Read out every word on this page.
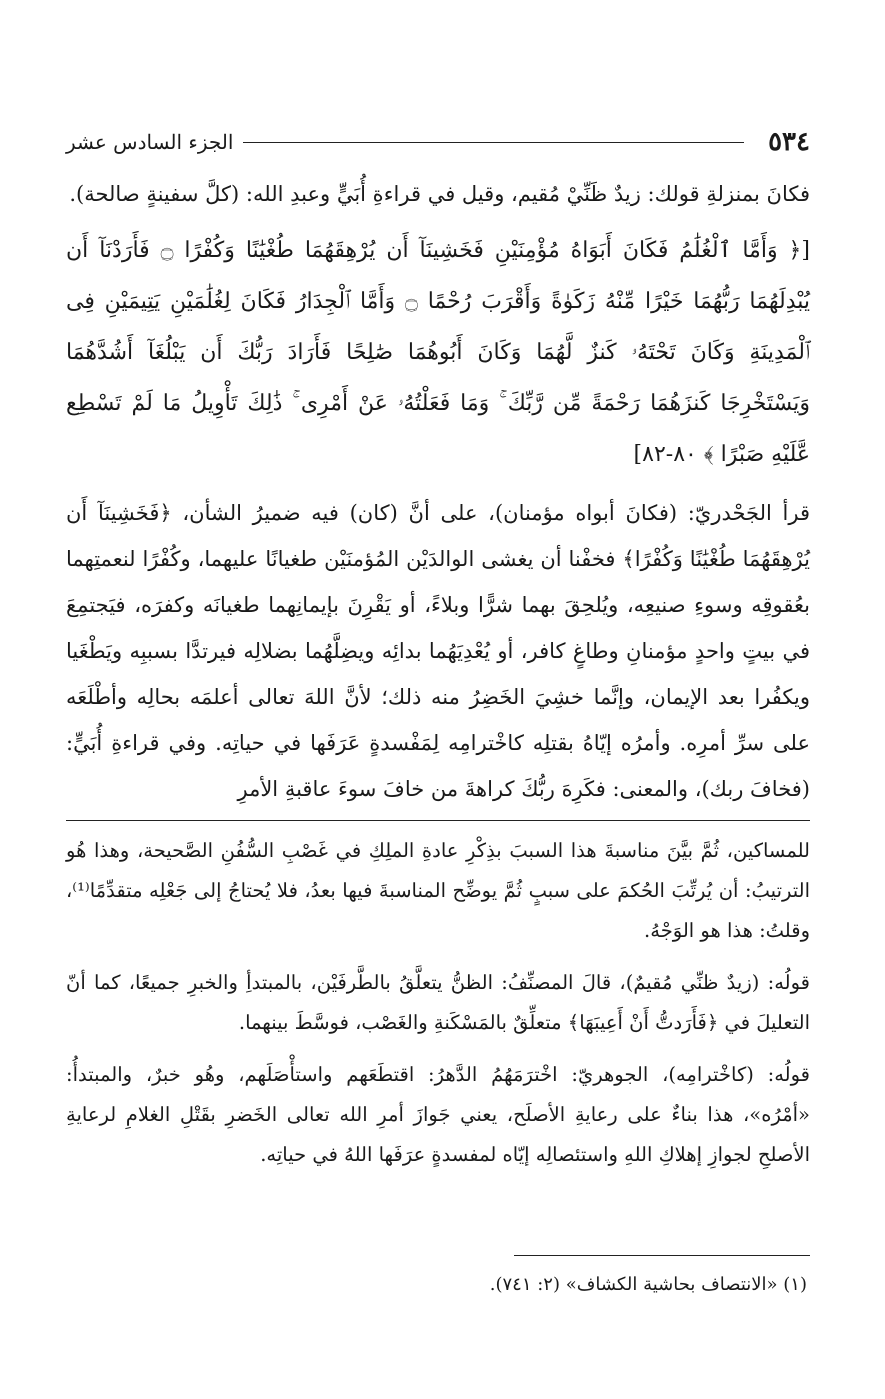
٥٣٤
الجزء السادس عشر

فكانَ بمنزلةِ قولك: زيدٌ ظَنِّيْ مُقيم، وقيل في قراءةِ أُبَيٍّ وعبدِ الله: (كلَّ سفينةٍ صالحة).

[﴿ وَأَمَّا ٱلْغُلَٰمُ فَكَانَ أَبَوَاهُ مُؤْمِنَيْنِ فَخَشِينَآ أَن يُرْهِقَهُمَا طُغْيَٰنًا وَكُفْرًا ۝ فَأَرَدْنَآ أَن يُبْدِلَهُمَا رَبُّهُمَا خَيْرًا مِّنْهُ زَكَوٰةً وَأَقْرَبَ رُحْمًا ۝ وَأَمَّا ٱلْجِدَارُ فَكَانَ لِغُلَٰمَيْنِ يَتِيمَيْنِ فِى ٱلْمَدِينَةِ وَكَانَ تَحْتَهُۥ كَنزٌ لَّهُمَا وَكَانَ أَبُوهُمَا صَٰلِحًا فَأَرَادَ رَبُّكَ أَن يَبْلُغَآ أَشُدَّهُمَا وَيَسْتَخْرِجَا كَنزَهُمَا رَحْمَةً مِّن رَّبِّكَ ۚ وَمَا فَعَلْتُهُۥ عَنْ أَمْرِى ۚ ذَٰلِكَ تَأْوِيلُ مَا لَمْ تَسْطِع عَّلَيْهِ صَبْرًا ﴾ ٨٠-٨٢]

قرأ الجَحْدريّ: (فكانَ أبواه مؤمنان)، على أنَّ (كان) فيه ضميرُ الشأن، ﴿فَخَشِينَآ أَن يُرْهِقَهُمَا طُغْيَٰنًا وَكُفْرًا﴾ فخفْنا أن يغشى الوالدَيْن المُؤمنَيْن طغيانًا عليهما، وكُفْرًا لنعمتِهما بعُقوقِه وسوءِ صنيعِه، ويُلحِقَ بهما شرًّا وبلاءً، أو يَقْرِنَ بإيمانِهما طغيانَه وكفرَه، فيَجتمِعَ في بيتٍ واحدٍ مؤمنانِ وطاغٍ كافر، أو يُعْدِيَهُما بدائِه ويضِلَّهُما بضلالِه فيرتدَّا بسببِه ويَطْغَيا ويكفُرا بعد الإيمان، وإنَّما خشِيَ الخَضِرُ منه ذلك؛ لأنَّ اللهَ تعالى أعلمَه بحالِه وأطْلَعَه على سرِّ أمرِه. وأمرُه إيّاهُ بقتلِه كاخْترامِه لِمَفْسدةٍ عَرَفَها في حياتِه. وفي قراءةِ أُبَيٍّ: (فخافَ ربك)، والمعنى: فكَرِهَ ربُّكَ كراهةَ من خافَ سوءَ عاقبةِ الأمرِ

للمساكين، ثُمَّ بيَّنَ مناسبةَ هذا السببَ بذِكْرِ عادةِ الملِكِ في غَصْبِ السُّفُنِ الصَّحيحة، وهذا هُو الترتيبُ: أن يُرتِّبَ الحُكمَ على سببٍ ثُمَّ يوضِّح المناسبةَ فيها بعدُ، فلا يُحتاجُ إلى جَعْلِه متقدِّمًا⁽¹⁾، وقلتُ: هذا هو الوَجْهُ.

قولُه: (زيدٌ ظنِّي مُقيمٌ)، قالَ المصنِّفُ: الظنُّ يتعلَّقُ بالطَّرفَيْن، بالمبتدأِ والخبرِ جميعًا، كما أنّ التعليلَ في ﴿فَأَرَدتُّ أَنْ أَعِيبَهَا﴾ متعلِّقٌ بالمَسْكَنةِ والغَصْب، فوسَّطَ بينهما.

قولُه: (كاخْترامِه)، الجوهريّ: اخْترَمَهُمُ الدَّهرُ: اقتطَعَهم واستأْصَلَهم، وهُو خبرٌ، والمبتدأُ: «أمْرُه»، هذا بناءٌ على رعايةِ الأصلَح، يعني جَوازَ أمرِ الله تعالى الخَضرِ بقَتْلِ الغلامِ لرعايةِ الأصلحِ لجوازِ إهلاكِ اللهِ واستئصالِه إيّاه لمفسدةٍ عرَفَها اللهُ في حياتِه.

(١) «الانتصاف بحاشية الكشاف» (٢: ٧٤١).
